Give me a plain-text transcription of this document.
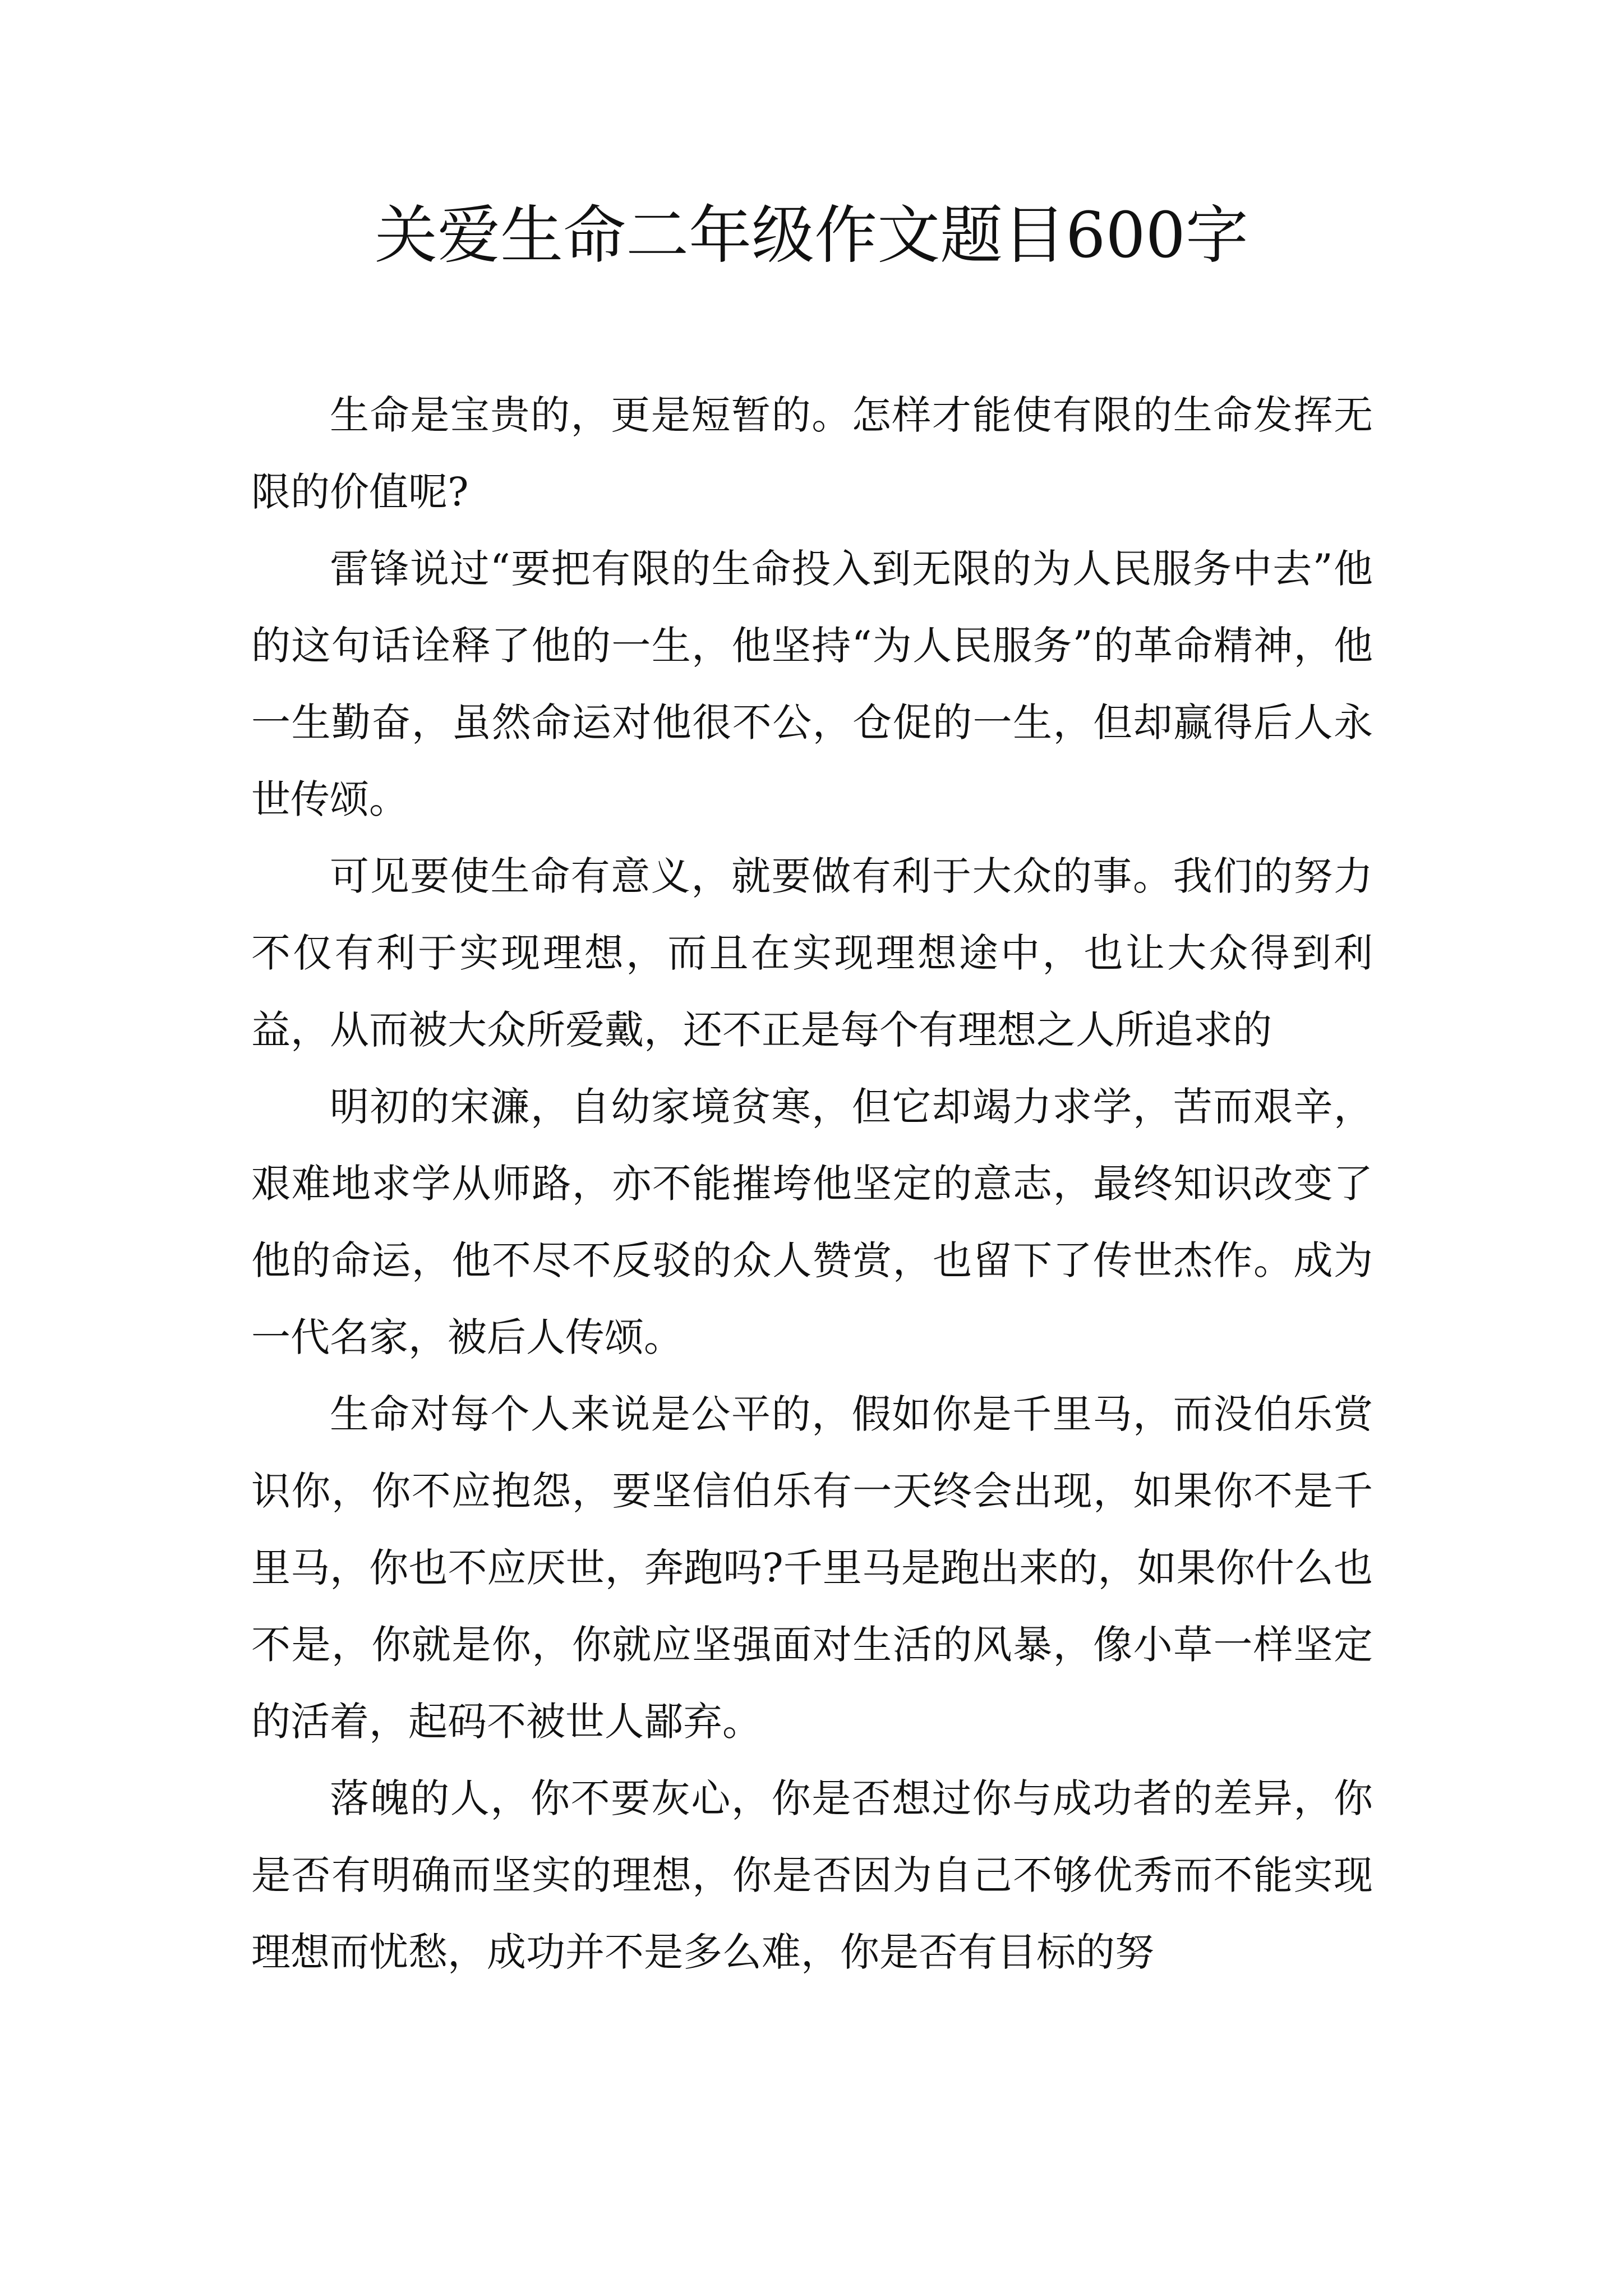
关爱生命二年级作文题目600字

生命是宝贵的，更是短暂的。怎样才能使有限的生命发挥无限的价值呢?

雷锋说过“要把有限的生命投入到无限的为人民服务中去”他的这句话诠释了他的一生，他坚持“为人民服务”的革命精神，他一生勤奋，虽然命运对他很不公，仓促的一生，但却赢得后人永世传颂。

可见要使生命有意义，就要做有利于大众的事。我们的努力不仅有利于实现理想，而且在实现理想途中，也让大众得到利益，从而被大众所爱戴，还不正是每个有理想之人所追求的

明初的宋濂，自幼家境贫寒，但它却竭力求学，苦而艰辛，艰难地求学从师路，亦不能摧垮他坚定的意志，最终知识改变了他的命运，他不尽不反驳的众人赞赏，也留下了传世杰作。成为一代名家，被后人传颂。

生命对每个人来说是公平的，假如你是千里马，而没伯乐赏识你，你不应抱怨，要坚信伯乐有一天终会出现，如果你不是千里马，你也不应厌世，奔跑吗?千里马是跑出来的，如果你什么也不是，你就是你，你就应坚强面对生活的风暴，像小草一样坚定的活着，起码不被世人鄙弃。

落魄的人，你不要灰心，你是否想过你与成功者的差异，你是否有明确而坚实的理想，你是否因为自己不够优秀而不能实现理想而忧愁，成功并不是多么难，你是否有目标的努
